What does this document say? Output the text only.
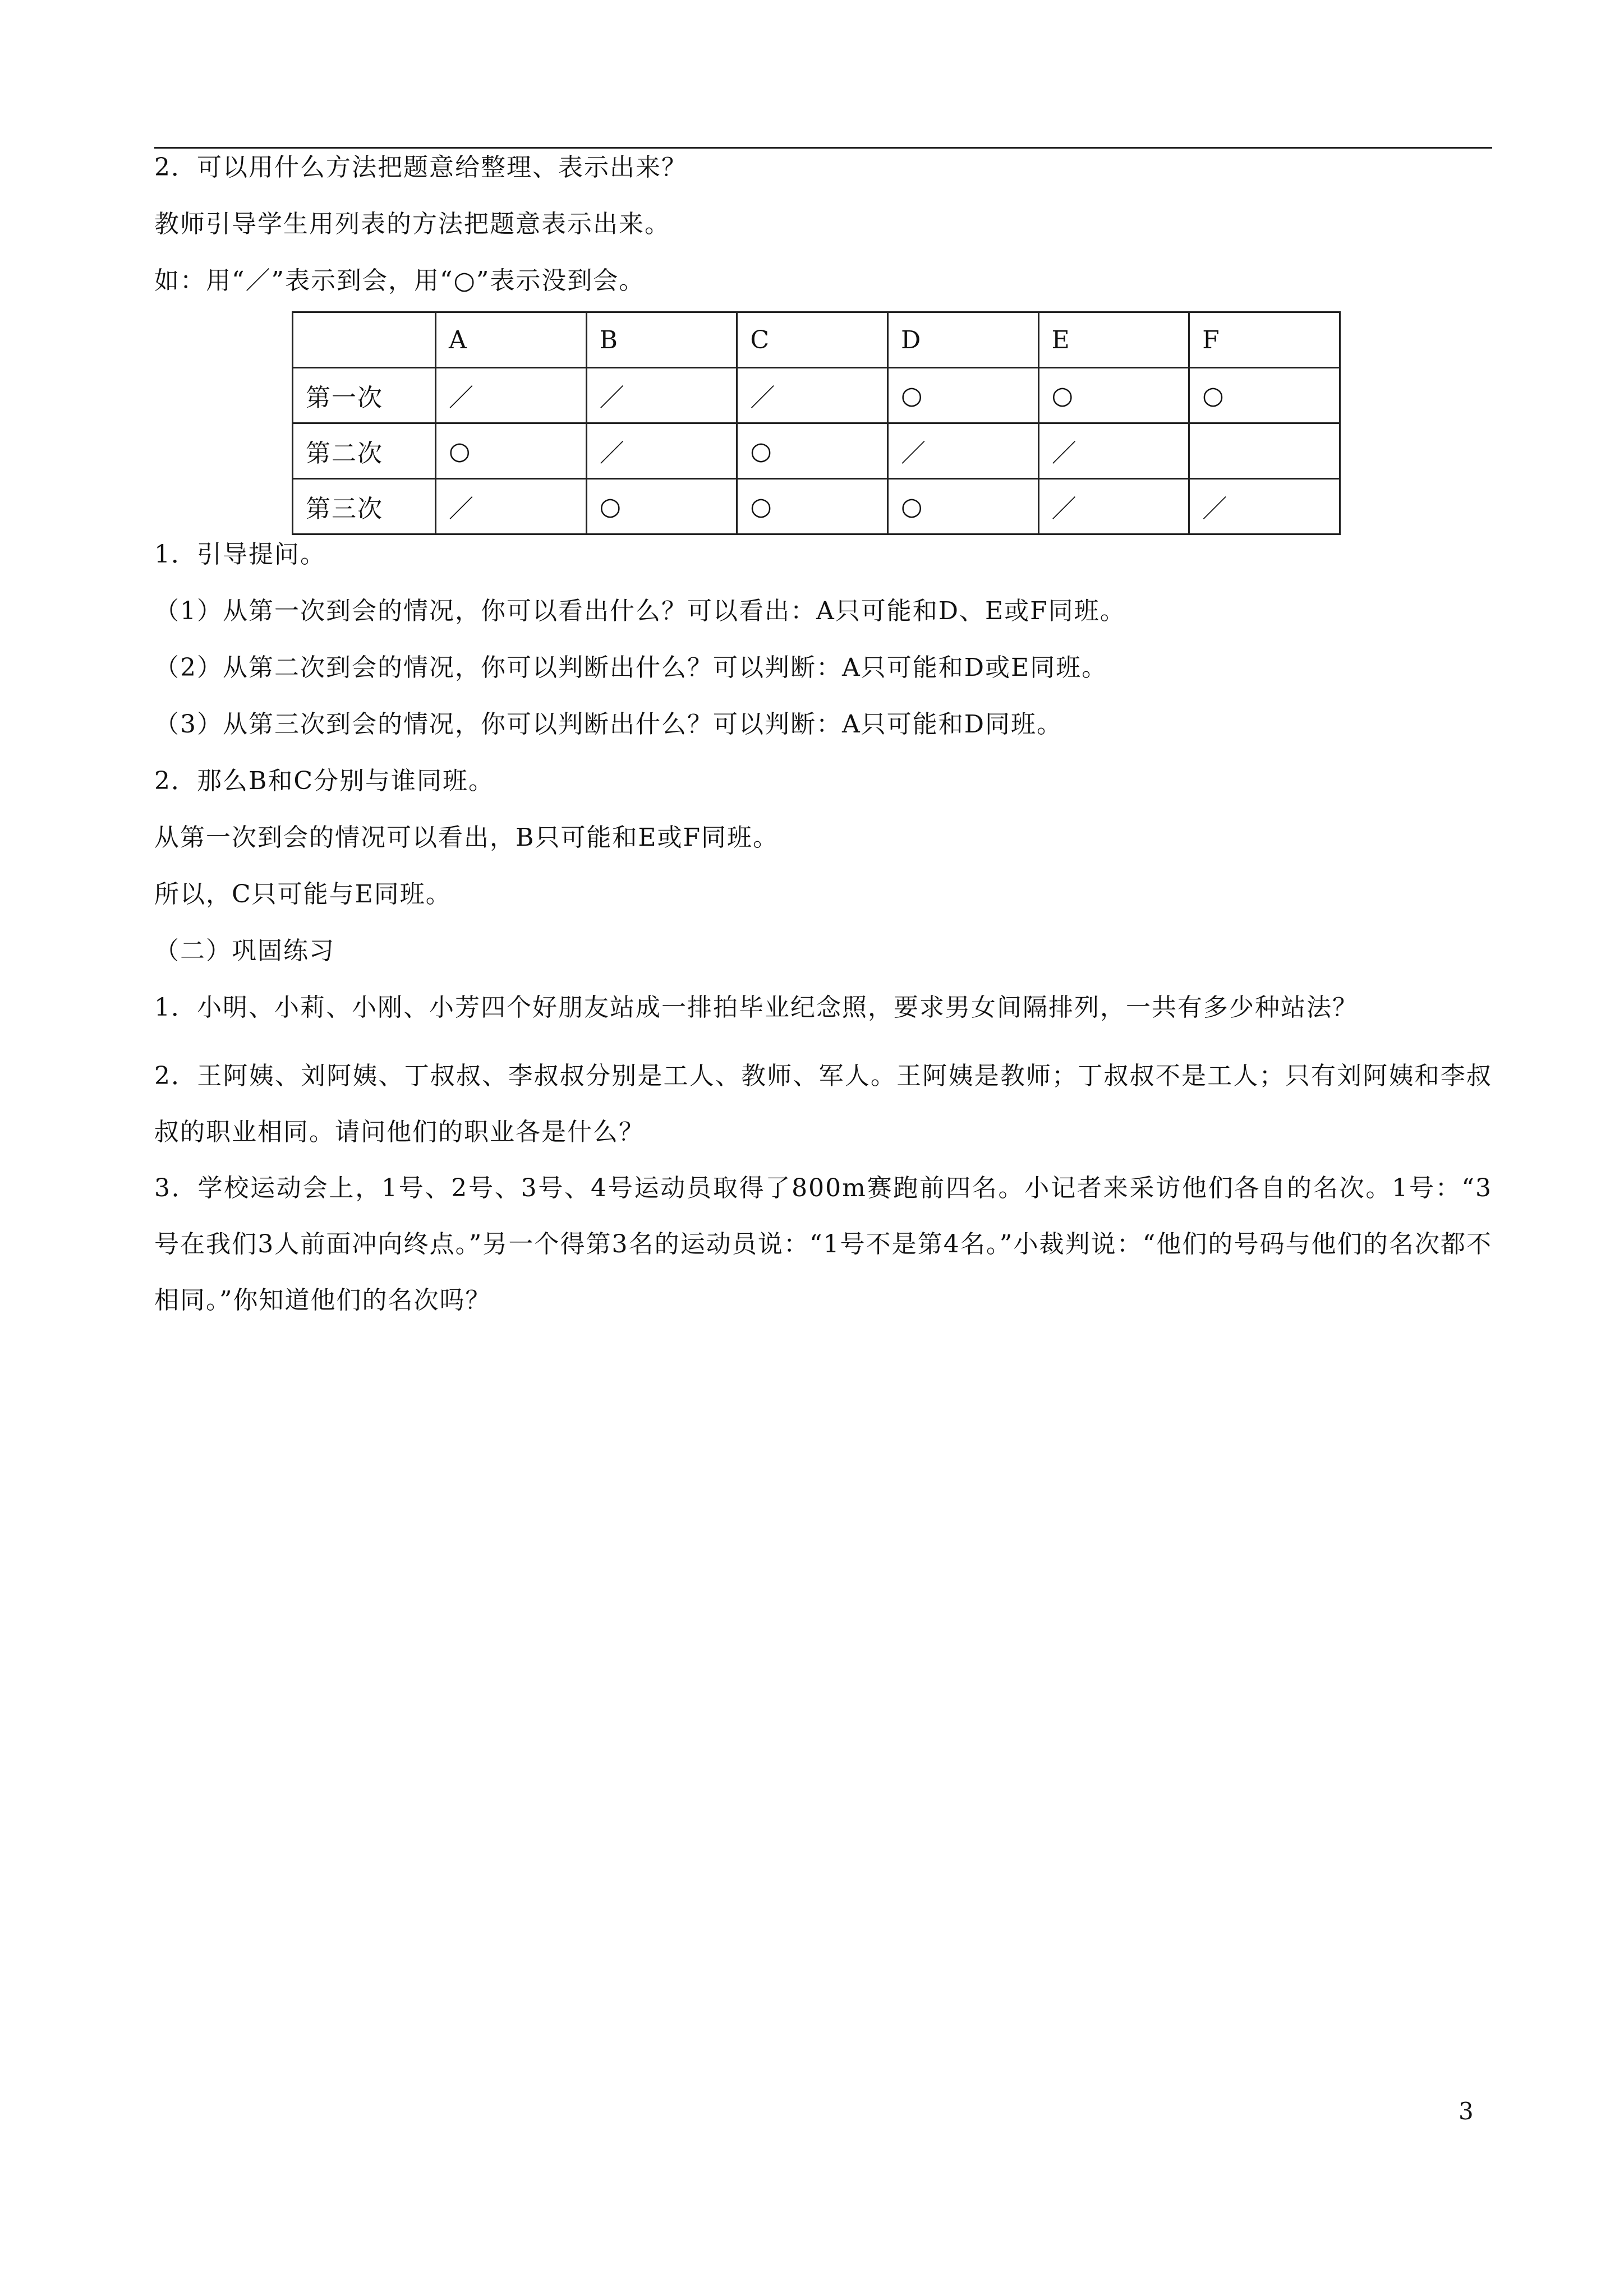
2．可以用什么方法把题意给整理、表示出来？

教师引导学生用列表的方法把题意表示出来。

如：用“／”表示到会，用“○”表示没到会。

	A	B	C	D	E	F
第一次	／	／	／	○	○	○
第二次	○	／	○	／	／	
第三次	／	○	○	○	／	／

1．引导提问。

（1）从第一次到会的情况，你可以看出什么？可以看出：A只可能和D、E或F同班。

（2）从第二次到会的情况，你可以判断出什么？可以判断：A只可能和D或E同班。

（3）从第三次到会的情况，你可以判断出什么？可以判断：A只可能和D同班。

2．那么B和C分别与谁同班。

从第一次到会的情况可以看出，B只可能和E或F同班。

所以，C只可能与E同班。

（二）巩固练习

1．小明、小莉、小刚、小芳四个好朋友站成一排拍毕业纪念照，要求男女间隔排列，一共有多少种站法？

2．王阿姨、刘阿姨、丁叔叔、李叔叔分别是工人、教师、军人。王阿姨是教师；丁叔叔不是工人；只有刘阿姨和李叔叔的职业相同。请问他们的职业各是什么？

3．学校运动会上，1号、2号、3号、4号运动员取得了800m赛跑前四名。小记者来采访他们各自的名次。1号：“3号在我们3人前面冲向终点。”另一个得第3名的运动员说：“1号不是第4名。”小裁判说：“他们的号码与他们的名次都不相同。”你知道他们的名次吗？

3
